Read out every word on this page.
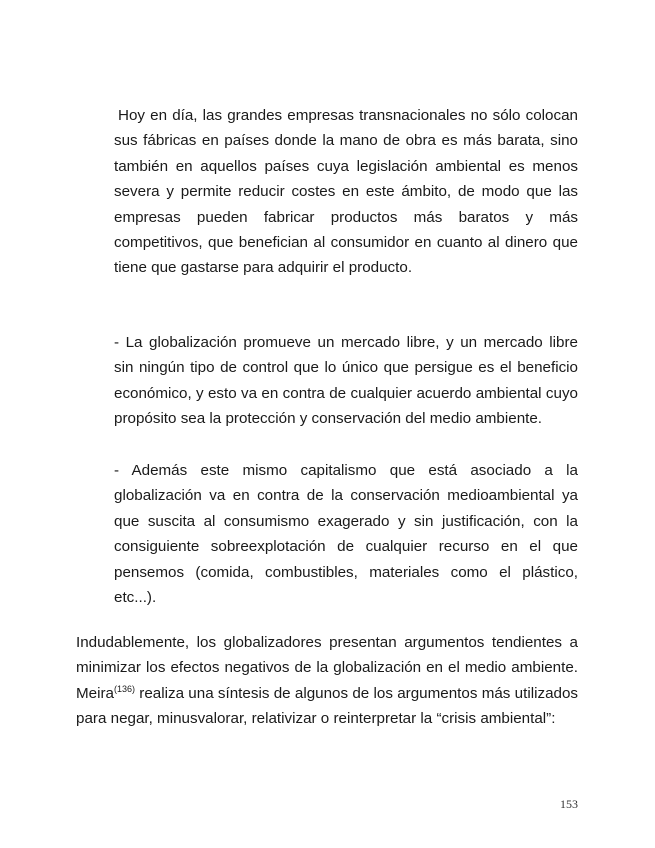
Hoy en día, las grandes empresas transnacionales no sólo colocan sus fábricas en países donde la mano de obra es más barata, sino también en aquellos países cuya legislación ambiental es menos severa y permite reducir costes en este ámbito, de modo que las empresas pueden fabricar productos más baratos y más competitivos, que benefician al consumidor en cuanto al dinero que tiene que gastarse para adquirir el producto.

- La globalización promueve un mercado libre, y un mercado libre sin ningún tipo de control que lo único que persigue es el beneficio económico, y esto va en contra de cualquier acuerdo ambiental cuyo propósito sea la protección y conservación del medio ambiente.

- Además este mismo capitalismo que está asociado a la globalización va en contra de la conservación medioambiental ya que suscita al consumismo exagerado y sin justificación, con la consiguiente sobreexplotación de cualquier recurso en el que pensemos (comida, combustibles, materiales como el plástico, etc...).

Indudablemente, los globalizadores presentan argumentos tendientes a minimizar los efectos negativos de la globalización en el medio ambiente. Meira$^{(136)}$ realiza una síntesis de algunos de los argumentos más utilizados para negar, minusvalorar, relativizar o reinterpretar la “crisis ambiental”:

153
